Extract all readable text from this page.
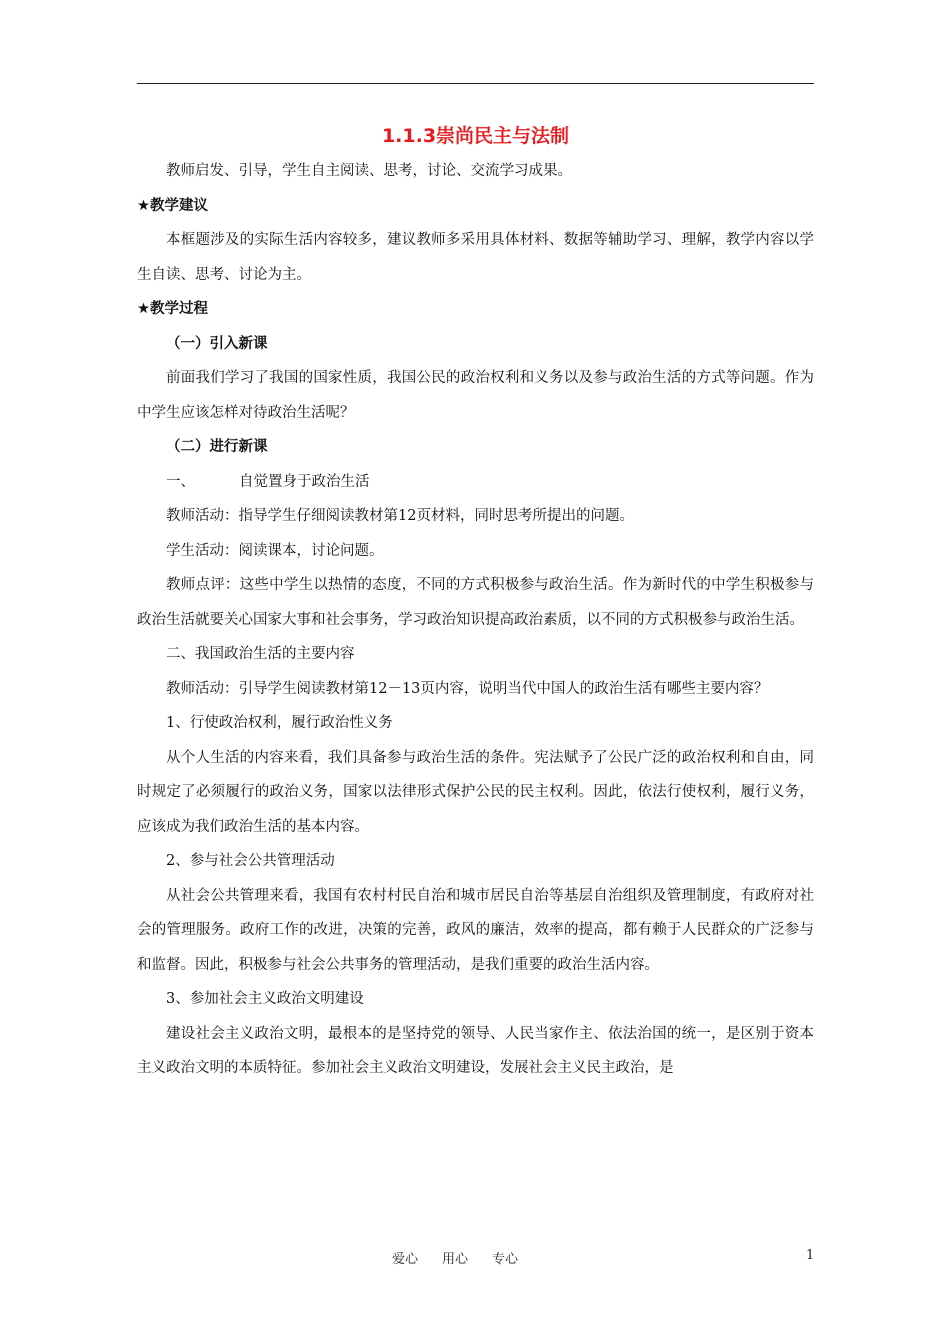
1.1.3崇尚民主与法制

教师启发、引导，学生自主阅读、思考，讨论、交流学习成果。

★教学建议

本框题涉及的实际生活内容较多，建议教师多采用具体材料、数据等辅助学习、理解，教学内容以学生自读、思考、讨论为主。

★教学过程

（一）引入新课

前面我们学习了我国的国家性质，我国公民的政治权利和义务以及参与政治生活的方式等问题。作为中学生应该怎样对待政治生活呢？

（二）进行新课

一、	自觉置身于政治生活

教师活动：指导学生仔细阅读教材第12页材料，同时思考所提出的问题。

学生活动：阅读课本，讨论问题。

教师点评：这些中学生以热情的态度，不同的方式积极参与政治生活。作为新时代的中学生积极参与政治生活就要关心国家大事和社会事务，学习政治知识提高政治素质，以不同的方式积极参与政治生活。

二、我国政治生活的主要内容

教师活动：引导学生阅读教材第12－13页内容，说明当代中国人的政治生活有哪些主要内容？

1、行使政治权利，履行政治性义务

从个人生活的内容来看，我们具备参与政治生活的条件。宪法赋予了公民广泛的政治权利和自由，同时规定了必须履行的政治义务，国家以法律形式保护公民的民主权利。因此，依法行使权利，履行义务，应该成为我们政治生活的基本内容。

2、参与社会公共管理活动

从社会公共管理来看，我国有农村村民自治和城市居民自治等基层自治组织及管理制度，有政府对社会的管理服务。政府工作的改进，决策的完善，政风的廉洁，效率的提高，都有赖于人民群众的广泛参与和监督。因此，积极参与社会公共事务的管理活动，是我们重要的政治生活内容。

3、参加社会主义政治文明建设

建设社会主义政治文明，最根本的是坚持党的领导、人民当家作主、依法治国的统一，是区别于资本主义政治文明的本质特征。参加社会主义政治文明建设，发展社会主义民主政治，是

爱心 用心 专心	1
